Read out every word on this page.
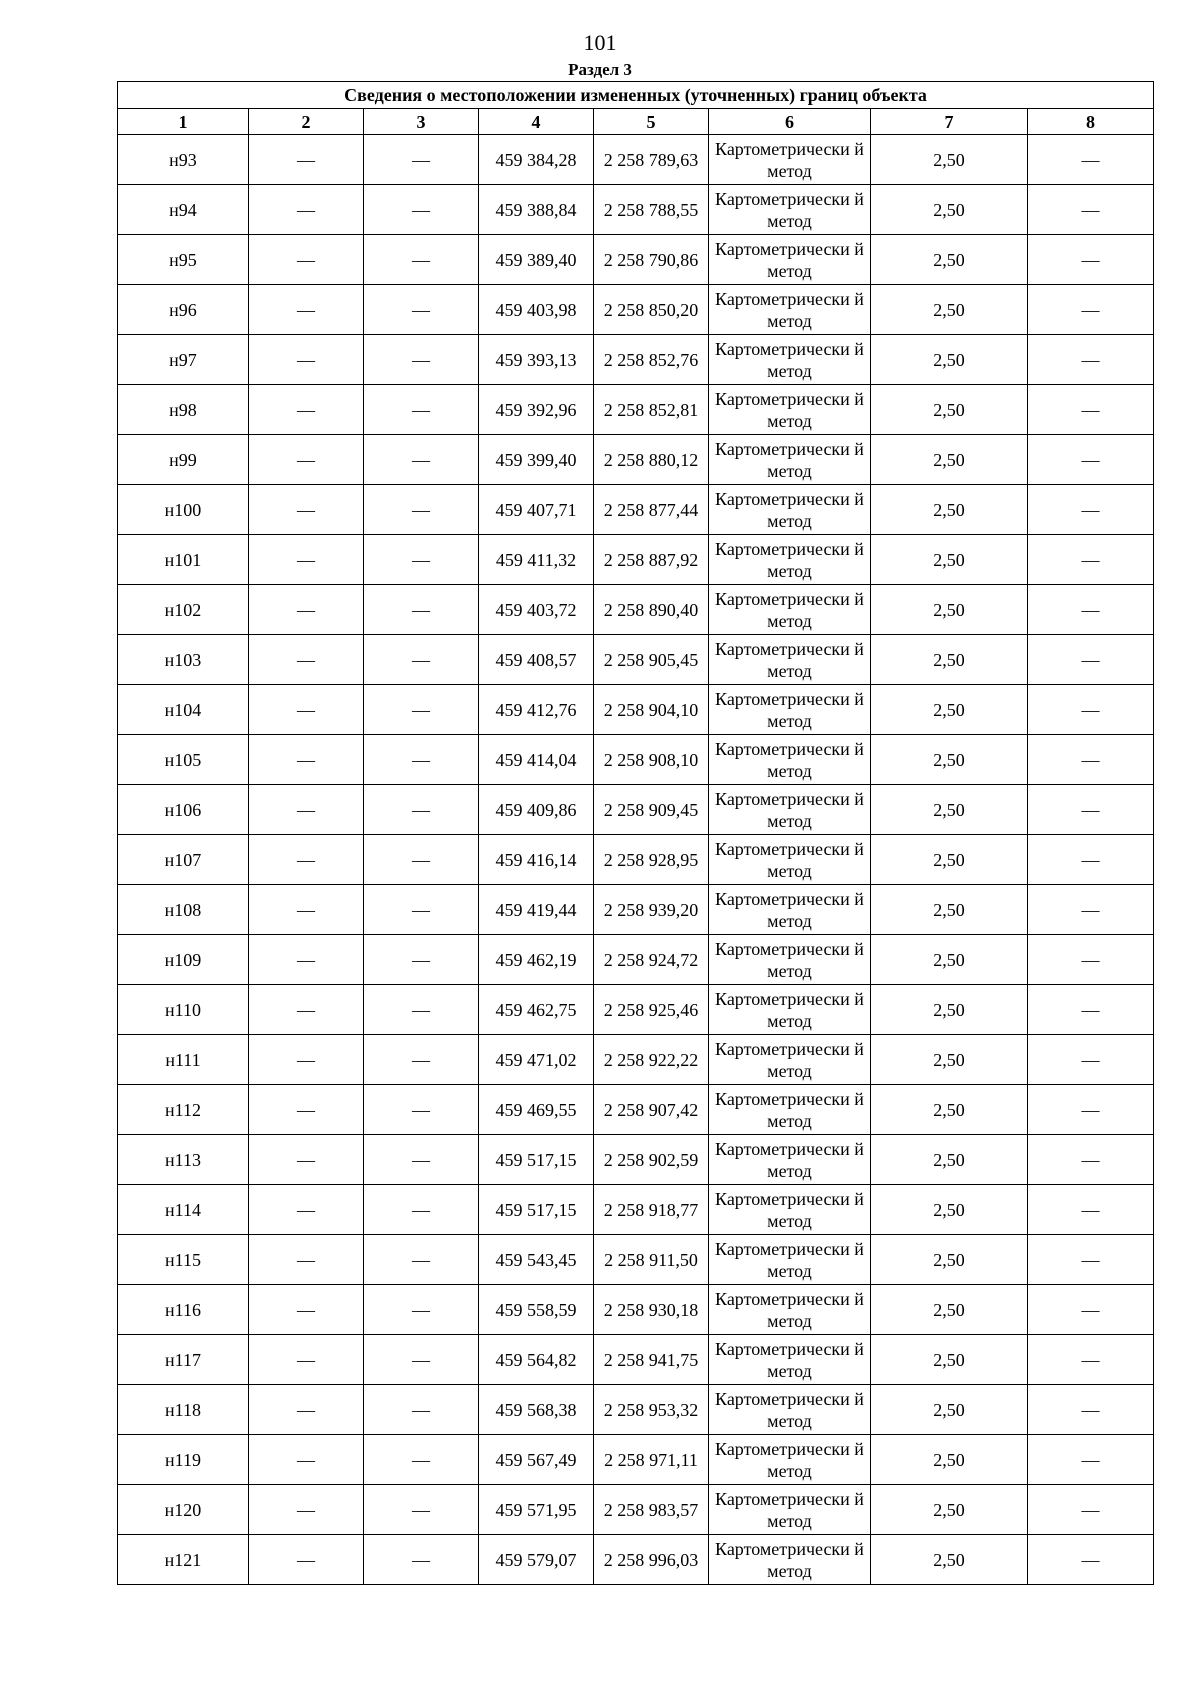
101
Раздел 3
Сведения о местоположении измененных (уточненных) границ объекта							
1	2	3	4	5	6	7	8
н93	—	—	459 384,28	2 258 789,63	Картометрически й метод	2,50	—
н94	—	—	459 388,84	2 258 788,55	Картометрически й метод	2,50	—
н95	—	—	459 389,40	2 258 790,86	Картометрически й метод	2,50	—
н96	—	—	459 403,98	2 258 850,20	Картометрически й метод	2,50	—
н97	—	—	459 393,13	2 258 852,76	Картометрически й метод	2,50	—
н98	—	—	459 392,96	2 258 852,81	Картометрически й метод	2,50	—
н99	—	—	459 399,40	2 258 880,12	Картометрически й метод	2,50	—
н100	—	—	459 407,71	2 258 877,44	Картометрически й метод	2,50	—
н101	—	—	459 411,32	2 258 887,92	Картометрически й метод	2,50	—
н102	—	—	459 403,72	2 258 890,40	Картометрически й метод	2,50	—
н103	—	—	459 408,57	2 258 905,45	Картометрически й метод	2,50	—
н104	—	—	459 412,76	2 258 904,10	Картометрически й метод	2,50	—
н105	—	—	459 414,04	2 258 908,10	Картометрически й метод	2,50	—
н106	—	—	459 409,86	2 258 909,45	Картометрически й метод	2,50	—
н107	—	—	459 416,14	2 258 928,95	Картометрически й метод	2,50	—
н108	—	—	459 419,44	2 258 939,20	Картометрически й метод	2,50	—
н109	—	—	459 462,19	2 258 924,72	Картометрически й метод	2,50	—
н110	—	—	459 462,75	2 258 925,46	Картометрически й метод	2,50	—
н111	—	—	459 471,02	2 258 922,22	Картометрически й метод	2,50	—
н112	—	—	459 469,55	2 258 907,42	Картометрически й метод	2,50	—
н113	—	—	459 517,15	2 258 902,59	Картометрически й метод	2,50	—
н114	—	—	459 517,15	2 258 918,77	Картометрически й метод	2,50	—
н115	—	—	459 543,45	2 258 911,50	Картометрически й метод	2,50	—
н116	—	—	459 558,59	2 258 930,18	Картометрически й метод	2,50	—
н117	—	—	459 564,82	2 258 941,75	Картометрически й метод	2,50	—
н118	—	—	459 568,38	2 258 953,32	Картометрически й метод	2,50	—
н119	—	—	459 567,49	2 258 971,11	Картометрически й метод	2,50	—
н120	—	—	459 571,95	2 258 983,57	Картометрически й метод	2,50	—
н121	—	—	459 579,07	2 258 996,03	Картометрически й метод	2,50	—
